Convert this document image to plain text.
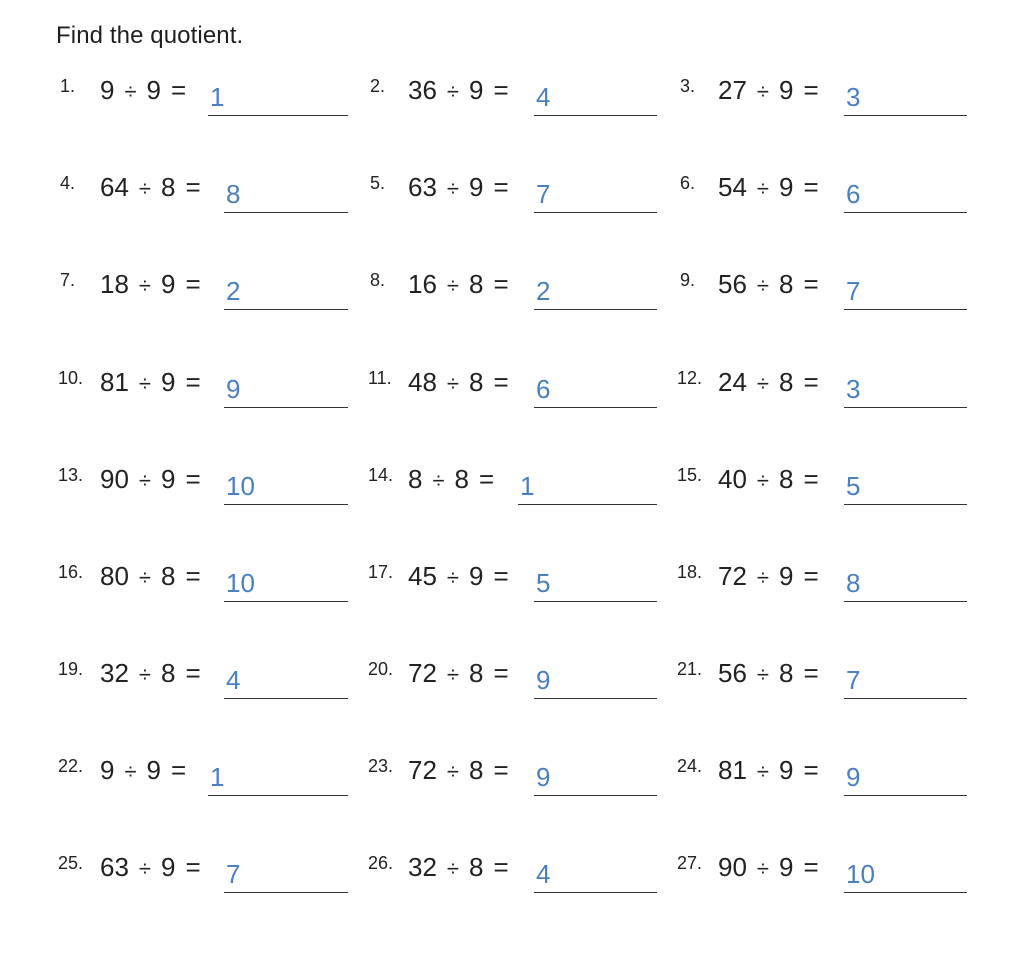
Find the quotient.
1. 9 ÷ 9 = 1	2. 36 ÷ 9 =	4	3. 27 ÷ 9 =	3
4. 64 ÷ 8 = 8	5. 63 ÷ 9 =	7	6. 54 ÷ 9 =	6
7. 18 ÷ 9 = 2	8. 16 ÷ 8 =	2	9. 56 ÷ 8 =	7
10. 81 ÷ 9 = 9	11. 48 ÷ 8 =	6	12. 24 ÷ 8 =	3
13. 90 ÷ 9 = 10	14. 8 ÷ 8 = 1	15. 40 ÷ 8 =	5
16. 80 ÷ 8 = 10	17. 45 ÷ 9 =	5	18. 72 ÷ 9 =	8
19. 32 ÷ 8 = 4	20. 72 ÷ 8 =	9	21. 56 ÷ 8 =	7
22. 9 ÷ 9 = 1	23. 72 ÷ 8 =	9	24. 81 ÷ 9 =	9
25. 63 ÷ 9 = 7	26. 32 ÷ 8 =	4	27. 90 ÷ 9 =	10
